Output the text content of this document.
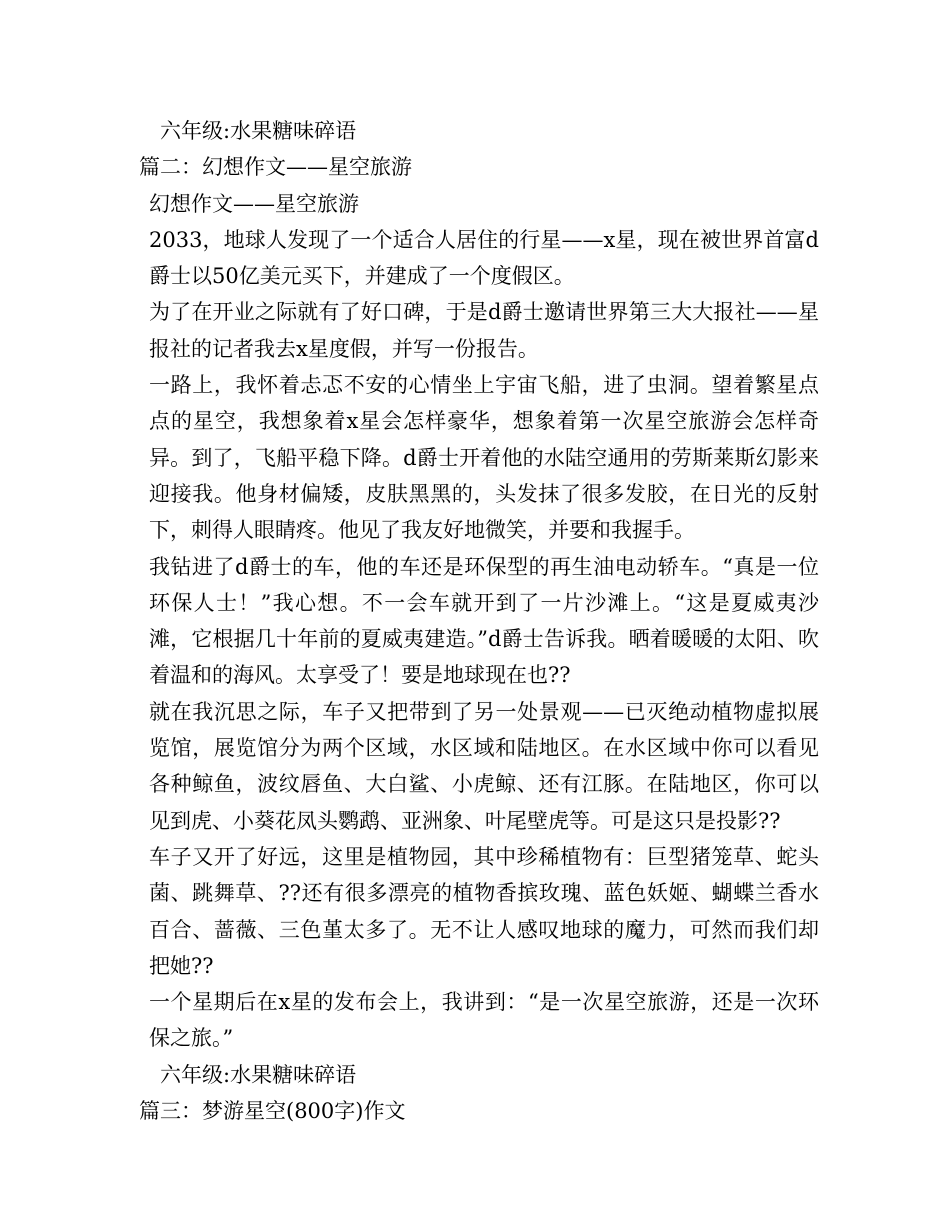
六年级:水果糖味碎语

篇二：幻想作文——星空旅游

幻想作文——星空旅游

2033，地球人发现了一个适合人居住的行星——x星，现在被世界首富d爵士以50亿美元买下，并建成了一个度假区。

为了在开业之际就有了好口碑，于是d爵士邀请世界第三大大报社——星报社的记者我去x星度假，并写一份报告。

一路上，我怀着忐忑不安的心情坐上宇宙飞船，进了虫洞。望着繁星点点的星空，我想象着x星会怎样豪华，想象着第一次星空旅游会怎样奇异。到了，飞船平稳下降。d爵士开着他的水陆空通用的劳斯莱斯幻影来迎接我。他身材偏矮，皮肤黑黑的，头发抹了很多发胶，在日光的反射下，刺得人眼睛疼。他见了我友好地微笑，并要和我握手。

我钻进了d爵士的车，他的车还是环保型的再生油电动轿车。“真是一位环保人士！”我心想。不一会车就开到了一片沙滩上。“这是夏威夷沙滩，它根据几十年前的夏威夷建造。”d爵士告诉我。晒着暖暖的太阳、吹着温和的海风。太享受了！要是地球现在也??

就在我沉思之际，车子又把带到了另一处景观——已灭绝动植物虚拟展览馆，展览馆分为两个区域，水区域和陆地区。在水区域中你可以看见各种鲸鱼，波纹唇鱼、大白鲨、小虎鲸、还有江豚。在陆地区，你可以见到虎、小葵花凤头鹦鹉、亚洲象、叶尾壁虎等。可是这只是投影??

车子又开了好远，这里是植物园，其中珍稀植物有：巨型猪笼草、蛇头菌、跳舞草、??还有很多漂亮的植物香摈玫瑰、蓝色妖姬、蝴蝶兰香水百合、蔷薇、三色堇太多了。无不让人感叹地球的魔力，可然而我们却把她??

一个星期后在x星的发布会上，我讲到：“是一次星空旅游，还是一次环保之旅。”

六年级:水果糖味碎语

篇三：梦游星空(800字)作文
